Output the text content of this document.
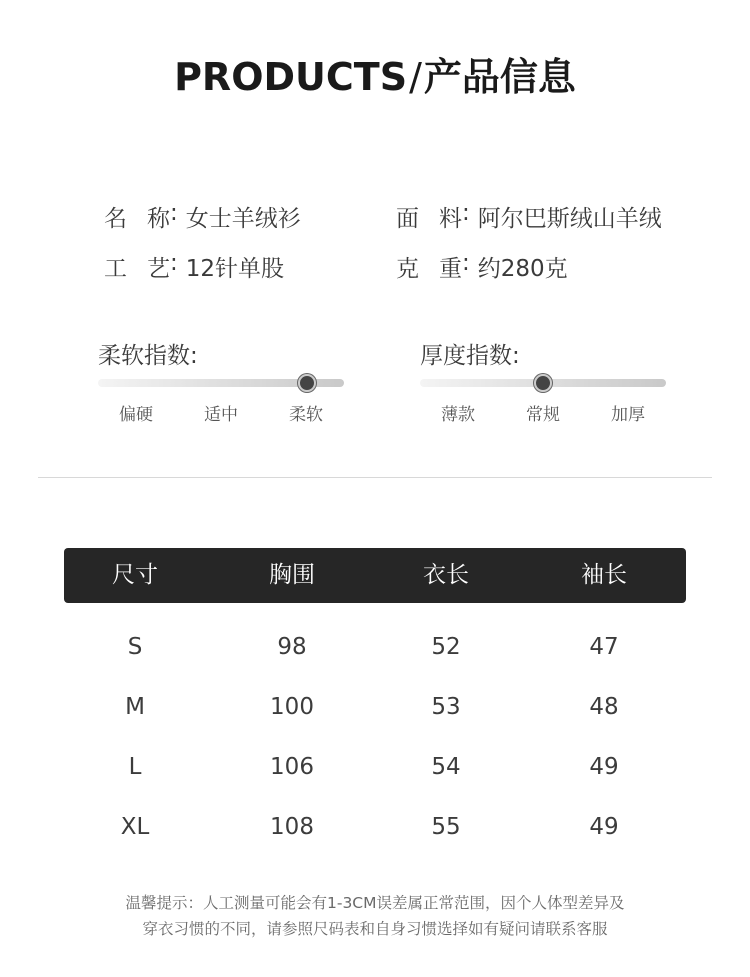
PRODUCTS/产品信息
名称 : 女士羊绒衫	面料 : 阿尔巴斯绒山羊绒
工艺 : 12针单股	克重 : 约280克
柔软指数:
偏硬	适中	柔软
厚度指数:
薄款	常规	加厚
尺寸	胸围	衣长	袖长
S	98	52	47
M	100	53	48
L	106	54	49
XL	108	55	49
温馨提示：人工测量可能会有1-3CM误差属正常范围，因个人体型差异及
穿衣习惯的不同，请参照尺码表和自身习惯选择如有疑问请联系客服
